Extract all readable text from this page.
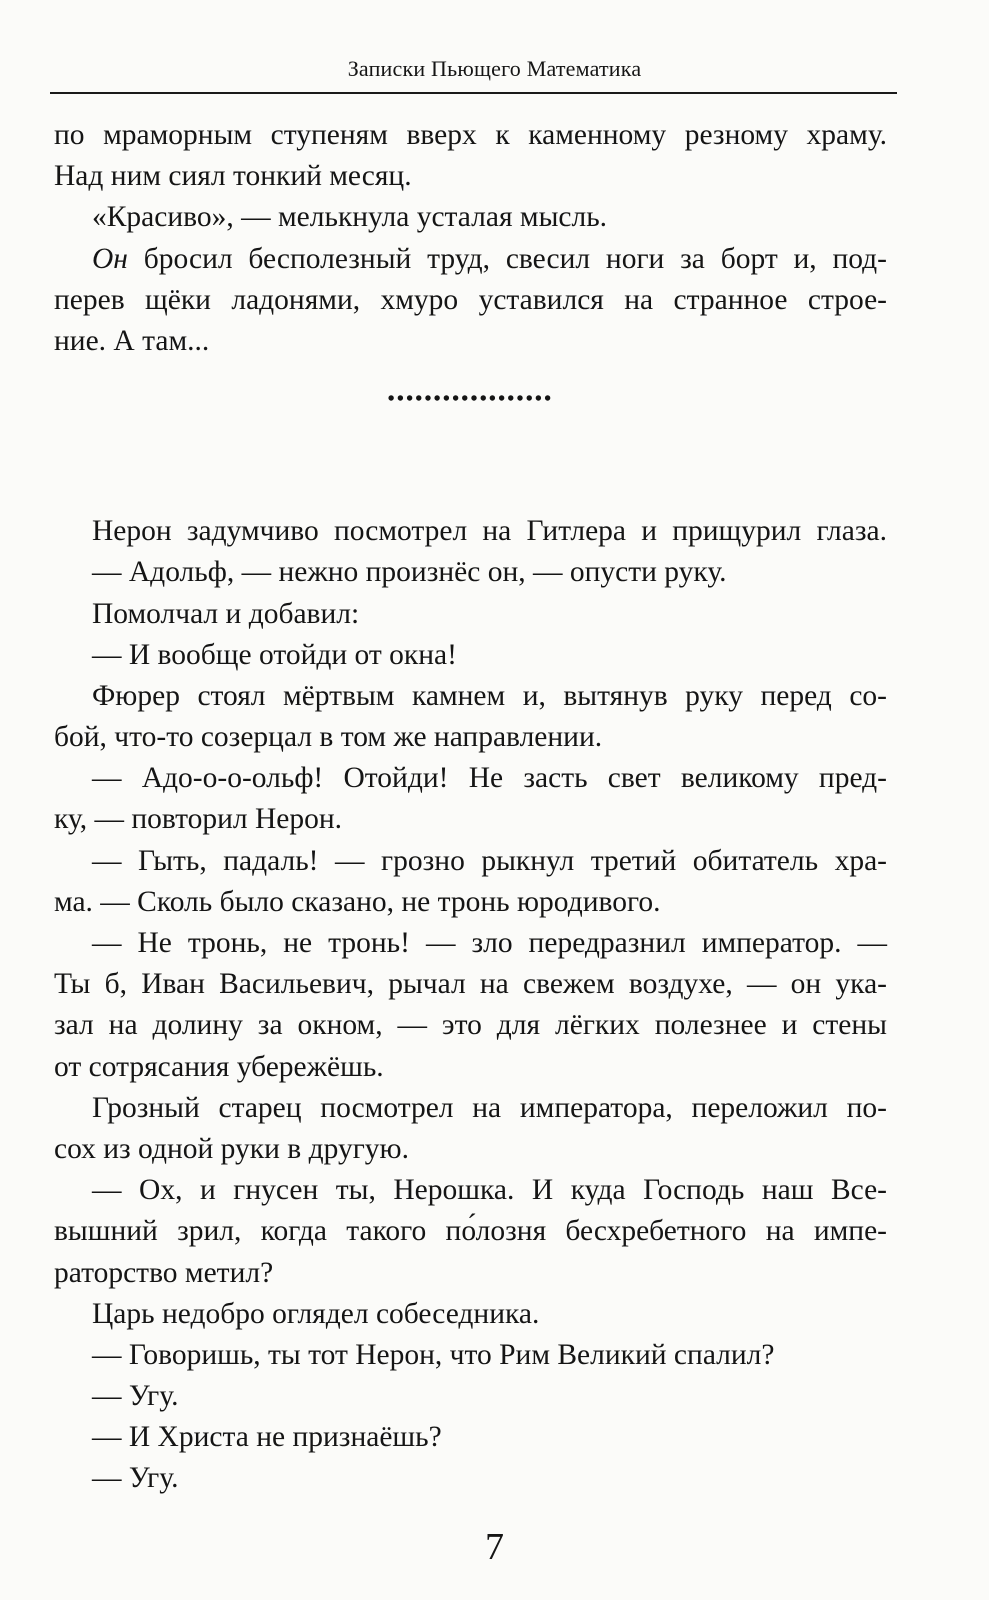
Записки Пьющего Математика
по мраморным ступеням вверх к каменному резному храму.
Над ним сиял тонкий месяц.
«Красиво», — мелькнула усталая мысль.
Он бросил бесполезный труд, свесил ноги за борт и, под-
перев щёки ладонями, хмуро уставился на странное строе-
ние. А там...
••••••••••••••••••
Нерон задумчиво посмотрел на Гитлера и прищурил глаза.
— Адольф, — нежно произнёс он, — опусти руку.
Помолчал и добавил:
— И вообще отойди от окна!
Фюрер стоял мёртвым камнем и, вытянув руку перед со-
бой, что-то созерцал в том же направлении.
— Адо-о-о-ольф! Отойди! Не засть свет великому пред-
ку, — повторил Нерон.
— Гыть, падаль! — грозно рыкнул третий обитатель хра-
ма. — Сколь было сказано, не тронь юродивого.
— Не тронь, не тронь! — зло передразнил император. —
Ты б, Иван Васильевич, рычал на свежем воздухе, — он ука-
зал на долину за окном, — это для лёгких полезнее и стены
от сотрясания убережёшь.
Грозный старец посмотрел на императора, переложил по-
сох из одной руки в другую.
— Ох, и гнусен ты, Нерошка. И куда Господь наш Все-
вышний зрил, когда такого по́лозня бесхребетного на импе-
раторство метил?
Царь недобро оглядел собеседника.
— Говоришь, ты тот Нерон, что Рим Великий спалил?
— Угу.
— И Христа не признаёшь?
— Угу.
7
